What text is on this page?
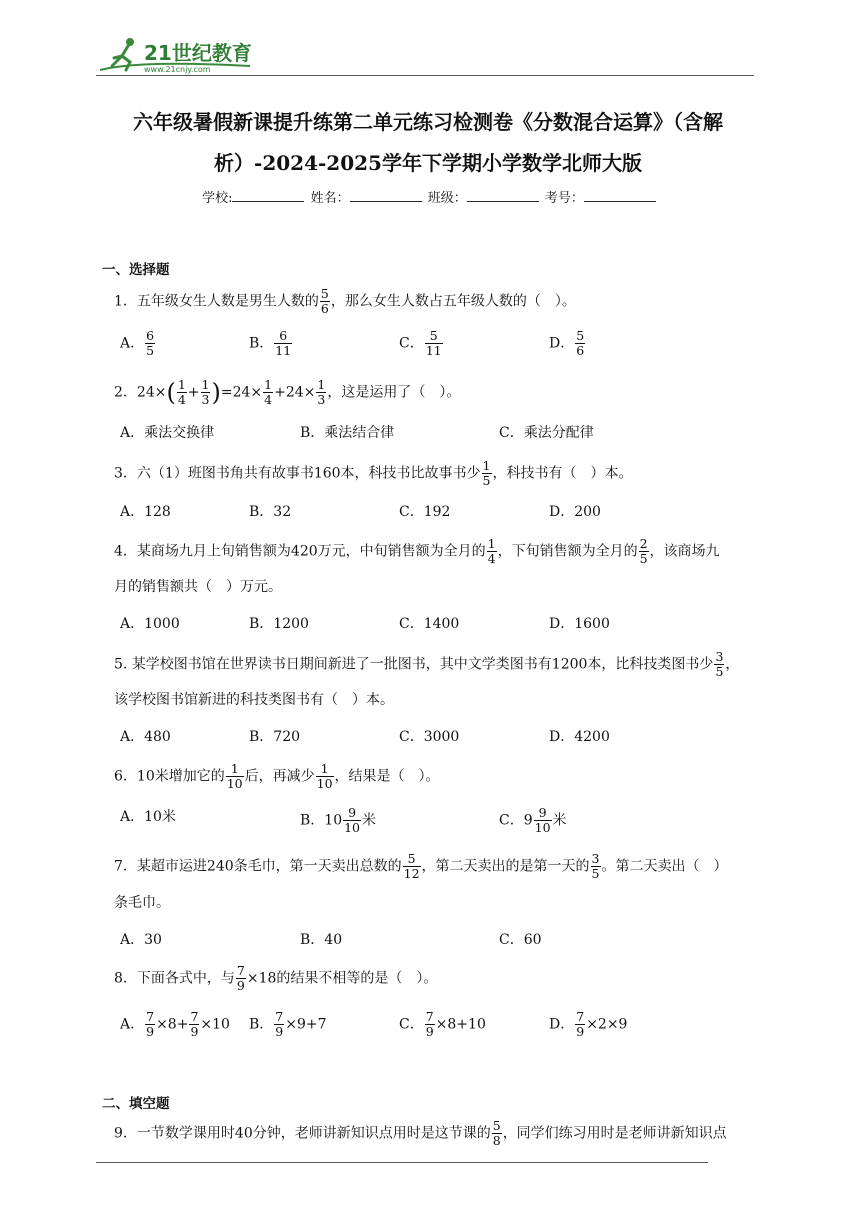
21世纪教育
www.21cnjy.com
六年级暑假新课提升练第二单元练习检测卷《分数混合运算》（含解
析）-2024-2025学年下学期小学数学北师大版
学校:	姓名：	班级：	考号：
一、选择题
1．五年级女生人数是男生人数的 $\frac{5}{6}$ ，那么女生人数占五年级人数的（　）。
A． $\frac{6}{5}$	B． $\frac{6}{11}$	C． $\frac{5}{11}$	D． $\frac{5}{6}$
2．$24\times( \frac{1}{4} + \frac{1}{3} )=24\times \frac{1}{4} +24\times \frac{1}{3}$ ，这是运用了（　）。
A．乘法交换律	B．乘法结合律	C．乘法分配律
3．六（1）班图书角共有故事书160本，科技书比故事书少 $\frac{1}{5}$ ，科技书有（　）本。
A．128	B．32	C．192	D．200
4．某商场九月上旬销售额为420万元，中旬销售额为全月的 $\frac{1}{4}$ ，下旬销售额为全月的 $\frac{2}{5}$ ，该商场九
月的销售额共（　）万元。
A．1000	B．1200	C．1400	D．1600
5. 某学校图书馆在世界读书日期间新进了一批图书，其中文学类图书有1200本，比科技类图书少 $\frac{3}{5}$ ，
该学校图书馆新进的科技类图书有（　）本。
A．480	B．720	C．3000	D．4200
6．10米增加它的 $\frac{1}{10}$ 后，再减少 $\frac{1}{10}$ ，结果是（　）。
A．10米	B．$10 \frac{9}{10}$ 米	C．$9 \frac{9}{10}$ 米
7．某超市运进240条毛巾，第一天卖出总数的 $\frac{5}{12}$ ，第二天卖出的是第一天的 $\frac{3}{5}$ 。第二天卖出（　）
条毛巾。
A．30	B．40	C．60
8．下面各式中，与 $\frac{7}{9} \times 18$的结果不相等的是（　）。
A． $\frac{7}{9} \times 8+ \frac{7}{9} \times 10$ B． $\frac{7}{9} \times 9+7$	C． $\frac{7}{9} \times 8+10$	D． $\frac{7}{9} \times 2\times 9$
二、填空题
9．一节数学课用时40分钟，老师讲新知识点用时是这节课的 $\frac{5}{8}$ ，同学们练习用时是老师讲新知识点
